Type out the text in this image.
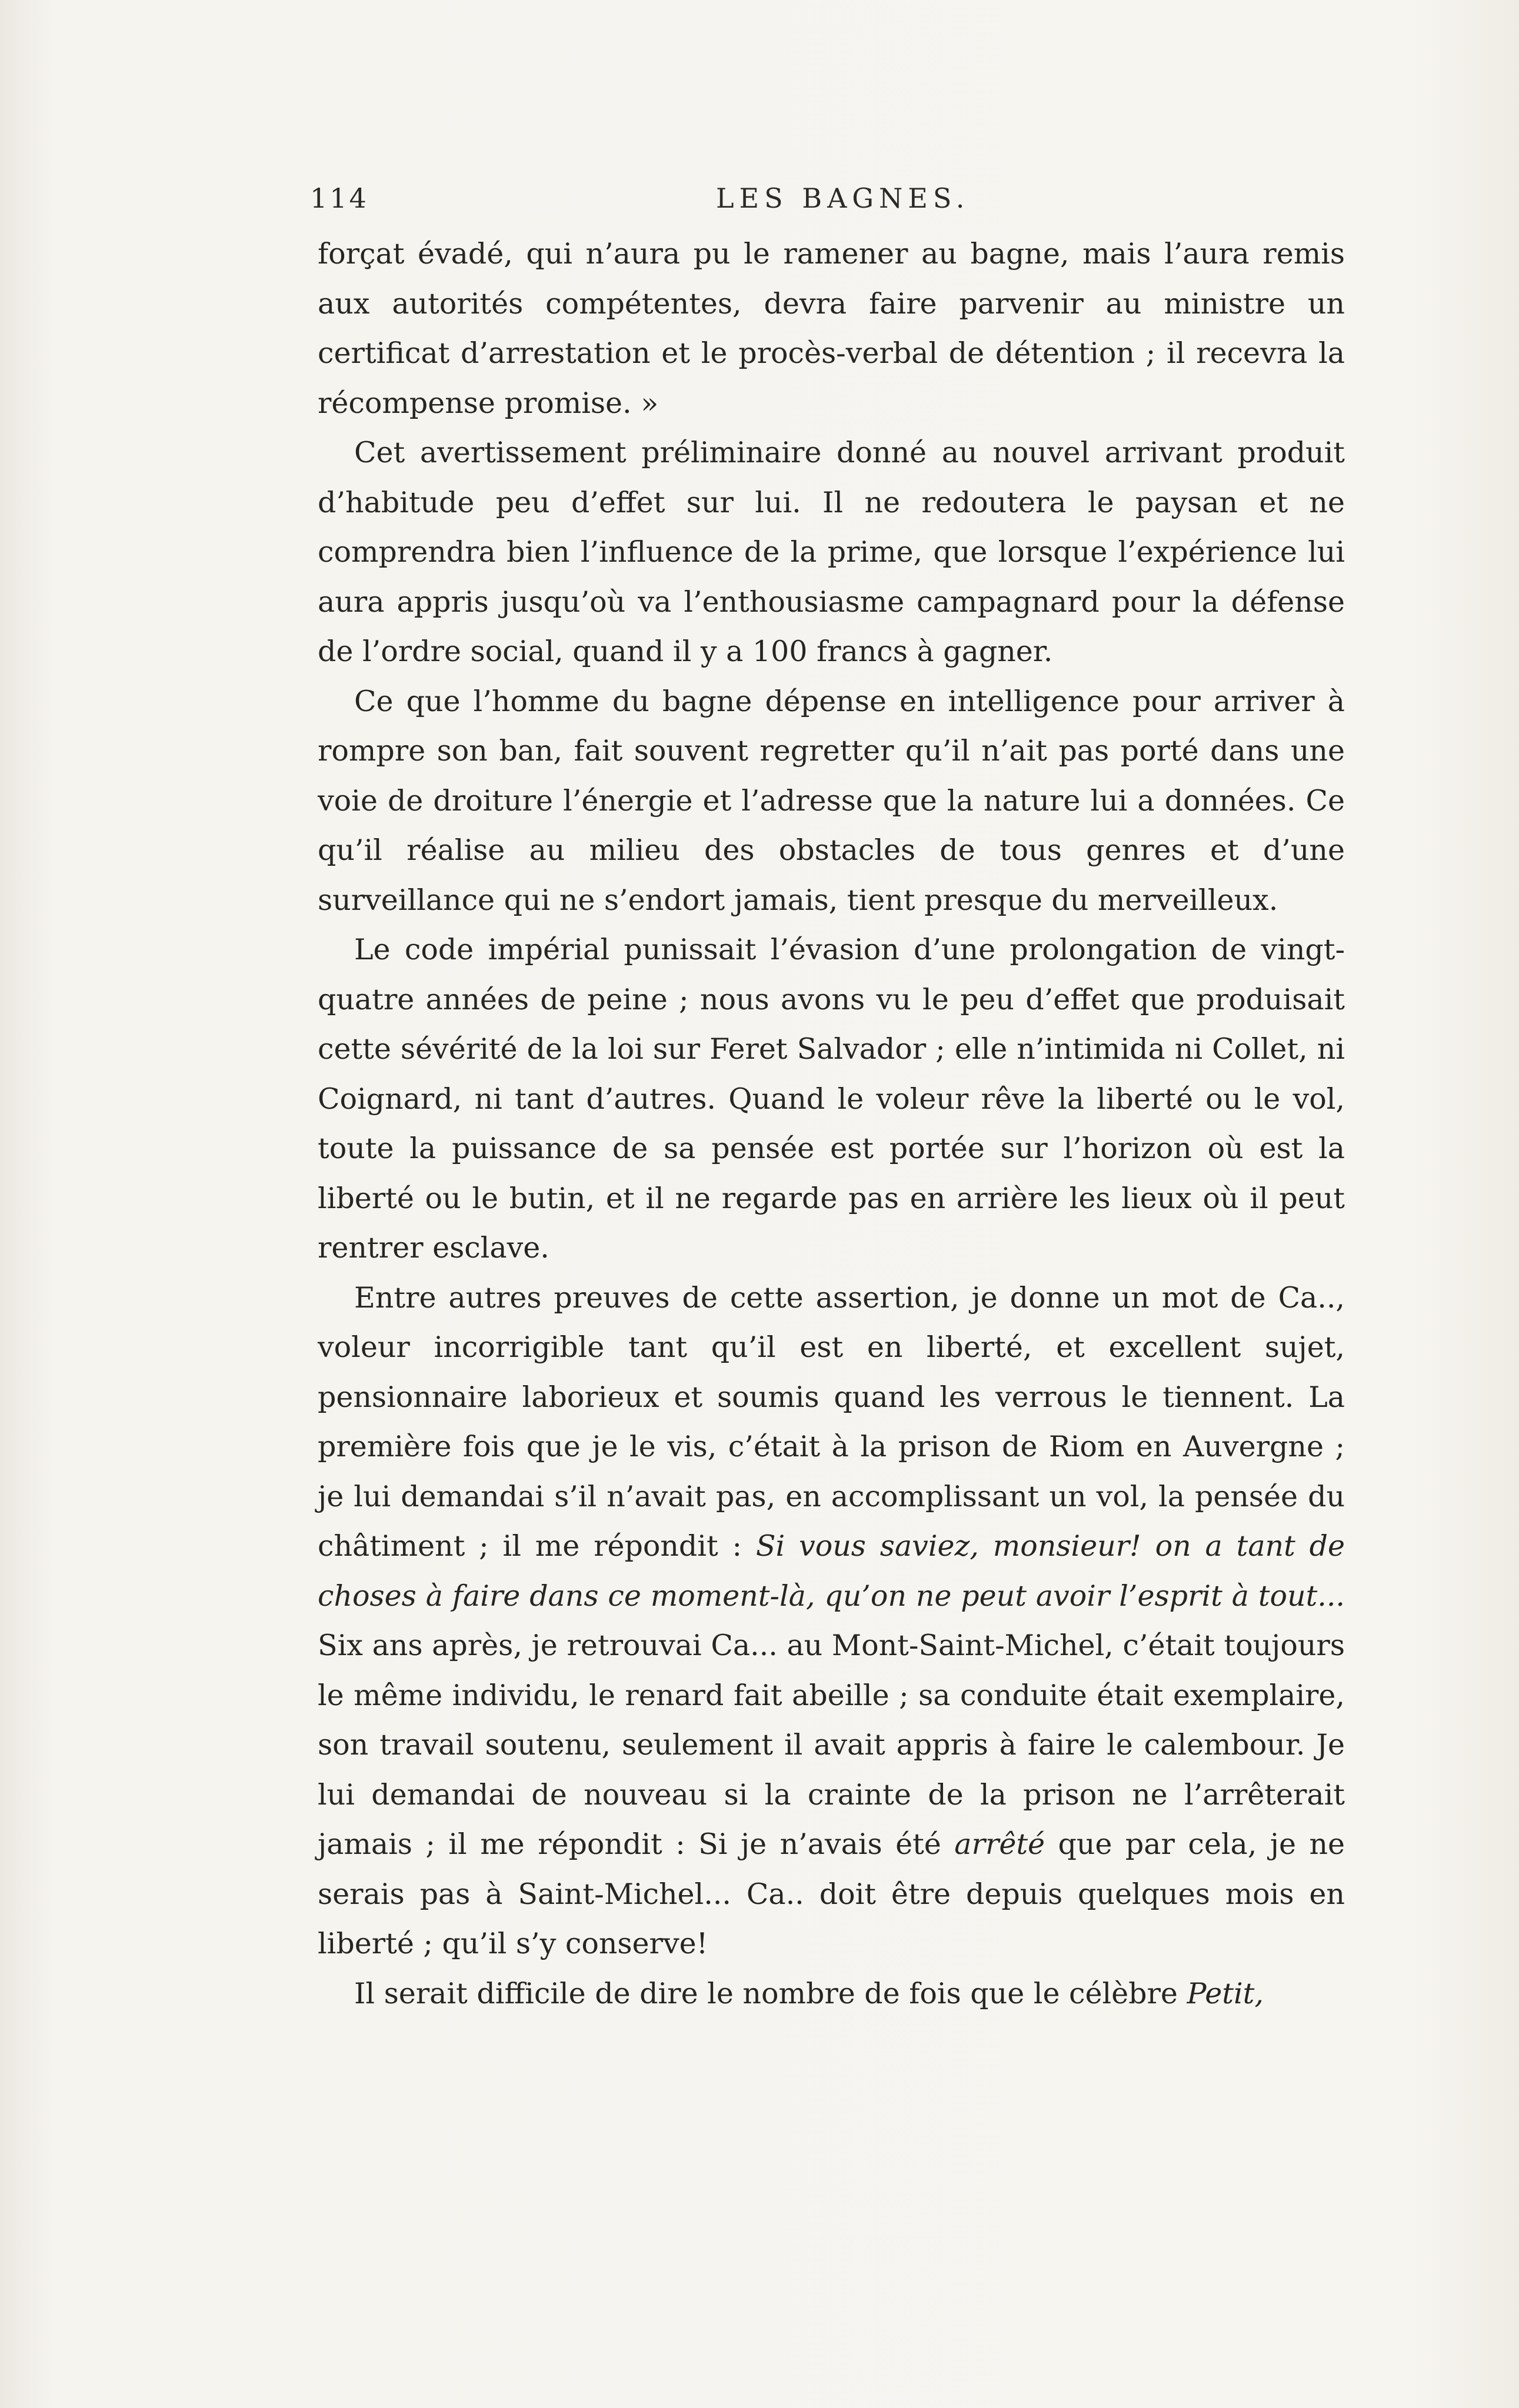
114	LES BAGNES.

forçat évadé, qui n’aura pu le ramener au bagne, mais l’aura remis aux autorités compétentes, devra faire parvenir au ministre un certificat d’arrestation et le procès-verbal de détention ; il recevra la récompense promise. »

Cet avertissement préliminaire donné au nouvel arrivant produit d’habitude peu d’effet sur lui. Il ne redoutera le paysan et ne comprendra bien l’influence de la prime, que lorsque l’expérience lui aura appris jusqu’où va l’enthousiasme campagnard pour la défense de l’ordre social, quand il y a 100 francs à gagner.

Ce que l’homme du bagne dépense en intelligence pour arriver à rompre son ban, fait souvent regretter qu’il n’ait pas porté dans une voie de droiture l’énergie et l’adresse que la nature lui a données. Ce qu’il réalise au milieu des obstacles de tous genres et d’une surveillance qui ne s’endort jamais, tient presque du merveilleux.

Le code impérial punissait l’évasion d’une prolongation de vingt-quatre années de peine ; nous avons vu le peu d’effet que produisait cette sévérité de la loi sur Feret Salvador ; elle n’intimida ni Collet, ni Coignard, ni tant d’autres. Quand le voleur rêve la liberté ou le vol, toute la puissance de sa pensée est portée sur l’horizon où est la liberté ou le butin, et il ne regarde pas en arrière les lieux où il peut rentrer esclave.

Entre autres preuves de cette assertion, je donne un mot de Ca.., voleur incorrigible tant qu’il est en liberté, et excellent sujet, pensionnaire laborieux et soumis quand les verrous le tiennent. La première fois que je le vis, c’était à la prison de Riom en Auvergne ; je lui demandai s’il n’avait pas, en accomplissant un vol, la pensée du châtiment ; il me répondit : Si vous saviez, monsieur! on a tant de choses à faire dans ce moment-là, qu’on ne peut avoir l’esprit à tout... Six ans après, je retrouvai Ca... au Mont-Saint-Michel, c’était toujours le même individu, le renard fait abeille ; sa conduite était exemplaire, son travail soutenu, seulement il avait appris à faire le calembour. Je lui demandai de nouveau si la crainte de la prison ne l’arrêterait jamais ; il me répondit : Si je n’avais été arrêté que par cela, je ne serais pas à Saint-Michel... Ca.. doit être depuis quelques mois en liberté ; qu’il s’y conserve!

Il serait difficile de dire le nombre de fois que le célèbre Petit,
